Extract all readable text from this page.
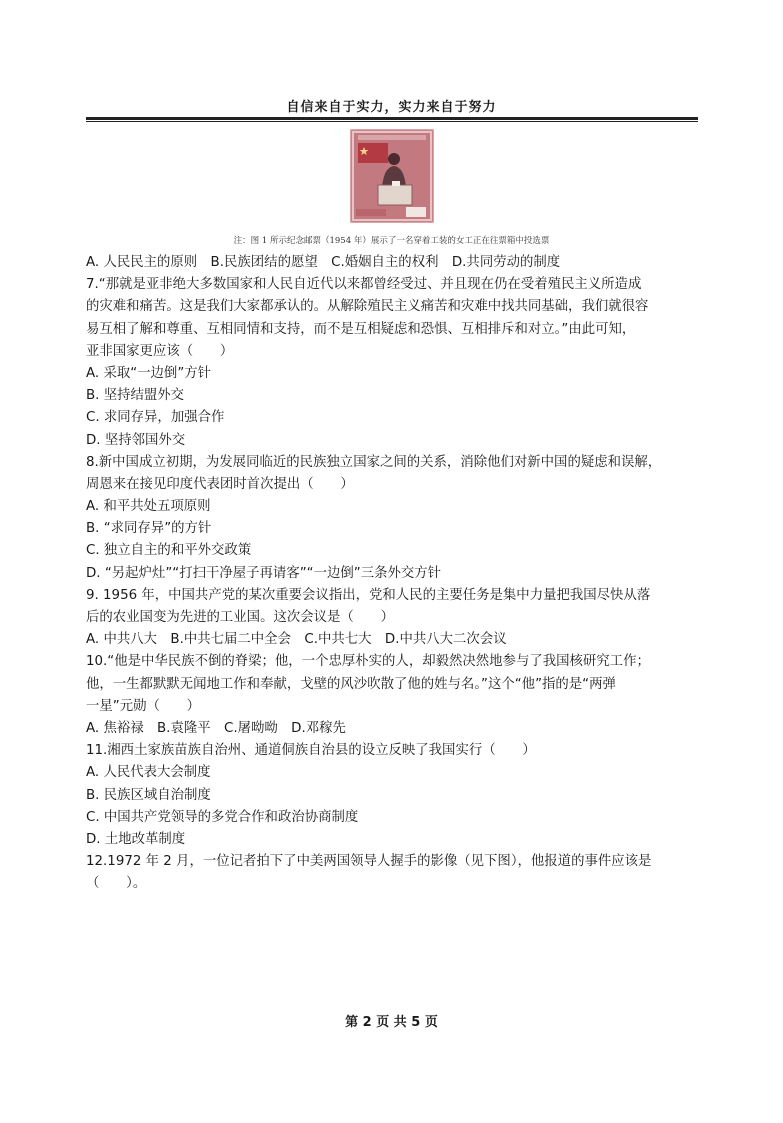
自信来自于实力，实力来自于努力
注：图 1 所示纪念邮票（1954 年）展示了一名穿着工装的女工正在往票箱中投选票
A. 人民民主的原则　B.民族团结的愿望　C.婚姻自主的权利　D.共同劳动的制度
7.“那就是亚非绝大多数国家和人民自近代以来都曾经受过、并且现在仍在受着殖民主义所造成
的灾难和痛苦。这是我们大家都承认的。从解除殖民主义痛苦和灾难中找共同基础，我们就很容
易互相了解和尊重、互相同情和支持，而不是互相疑虑和恐惧、互相排斥和对立。”由此可知，
亚非国家更应该（　　）
A. 采取“一边倒”方针
B. 坚持结盟外交
C. 求同存异，加强合作
D. 坚持邻国外交
8.新中国成立初期，为发展同临近的民族独立国家之间的关系，消除他们对新中国的疑虑和误解，
周恩来在接见印度代表团时首次提出（　　）
A. 和平共处五项原则
B. “求同存异”的方针
C. 独立自主的和平外交政策
D. “另起炉灶”“打扫干净屋子再请客”“一边倒”三条外交方针
9. 1956 年，中国共产党的某次重要会议指出，党和人民的主要任务是集中力量把我国尽快从落
后的农业国变为先进的工业国。这次会议是（　　）
A. 中共八大　B.中共七届二中全会　C.中共七大　D.中共八大二次会议
10.“他是中华民族不倒的脊梁；他，一个忠厚朴实的人，却毅然决然地参与了我国核研究工作；
他，一生都默默无闻地工作和奉献，戈壁的风沙吹散了他的姓与名。”这个“他”指的是“两弹
一星”元勋（　　）
A. 焦裕禄　B.袁隆平　C.屠呦呦　D.邓稼先
11.湘西土家族苗族自治州、通道侗族自治县的设立反映了我国实行（　　）
A. 人民代表大会制度
B. 民族区域自治制度
C. 中国共产党领导的多党合作和政治协商制度
D. 土地改革制度
12.1972 年 2 月，一位记者拍下了中美两国领导人握手的影像（见下图），他报道的事件应该是
（　　）。
第 2 页 共 5 页
